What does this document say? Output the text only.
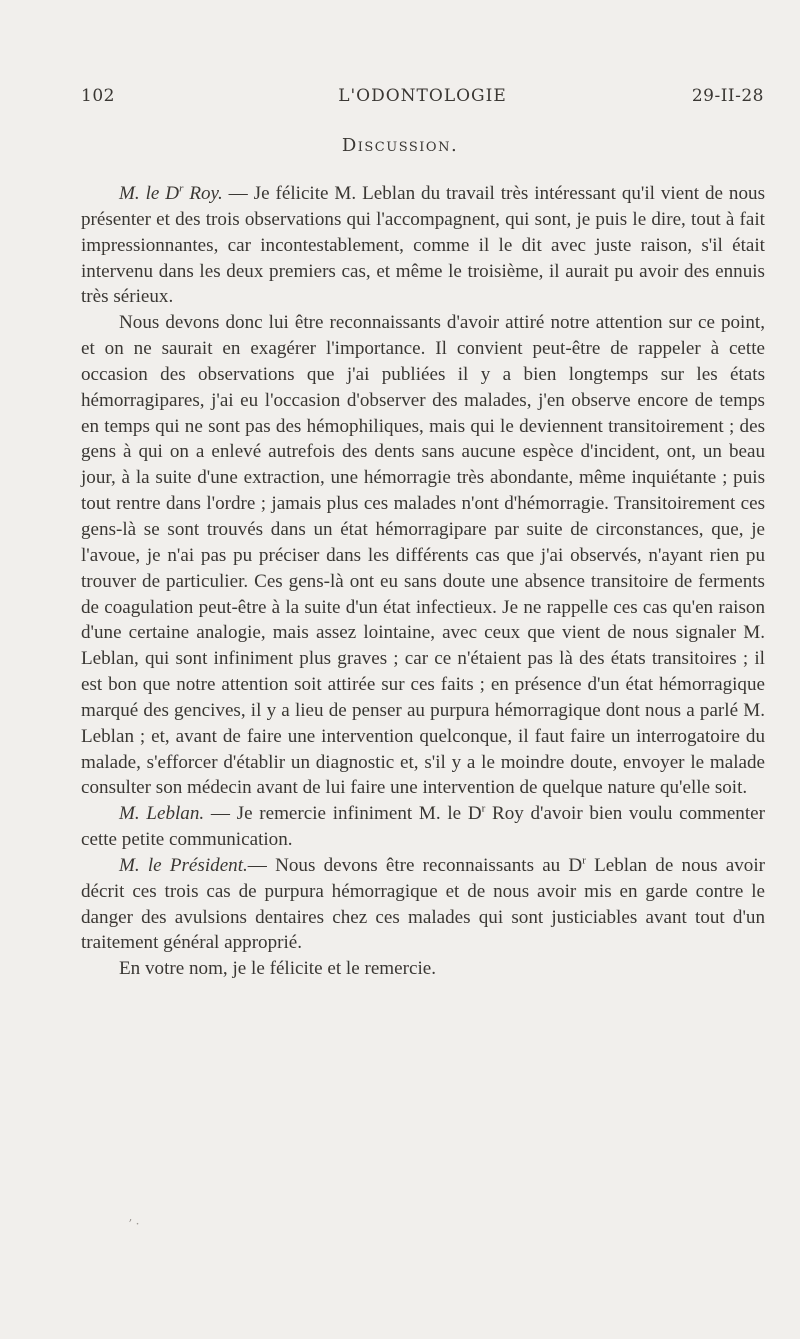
102	L'ODONTOLOGIE	29-II-28
Discussion.

M. le $D^r$ Roy. — Je félicite M. Leblan du travail très intéressant qu'il vient de nous présenter et des trois observations qui l'accompagnent, qui sont, je puis le dire, tout à fait impressionnantes, car incontestablement, comme il le dit avec juste raison, s'il était intervenu dans les deux premiers cas, et même le troisième, il aurait pu avoir des ennuis très sérieux.

Nous devons donc lui être reconnaissants d'avoir attiré notre attention sur ce point, et on ne saurait en exagérer l'importance. Il convient peut-être de rappeler à cette occasion des observations que j'ai publiées il y a bien longtemps sur les états hémorragipares, j'ai eu l'occasion d'observer des malades, j'en observe encore de temps en temps qui ne sont pas des hémophiliques, mais qui le deviennent transitoirement ; des gens à qui on a enlevé autrefois des dents sans aucune espèce d'incident, ont, un beau jour, à la suite d'une extraction, une hémorragie très abondante, même inquiétante ; puis tout rentre dans l'ordre ; jamais plus ces malades n'ont d'hémorragie. Transitoirement ces gens-là se sont trouvés dans un état hémorragipare par suite de circonstances, que, je l'avoue, je n'ai pas pu préciser dans les différents cas que j'ai observés, n'ayant rien pu trouver de particulier. Ces gens-là ont eu sans doute une absence transitoire de ferments de coagulation peut-être à la suite d'un état infectieux. Je ne rappelle ces cas qu'en raison d'une certaine analogie, mais assez lointaine, avec ceux que vient de nous signaler M. Leblan, qui sont infiniment plus graves ; car ce n'étaient pas là des états transitoires ; il est bon que notre attention soit attirée sur ces faits ; en présence d'un état hémorragique marqué des gencives, il y a lieu de penser au purpura hémorragique dont nous a parlé M. Leblan ; et, avant de faire une intervention quelconque, il faut faire un interrogatoire du malade, s'efforcer d'établir un diagnostic et, s'il y a le moindre doute, envoyer le malade consulter son médecin avant de lui faire une intervention de quelque nature qu'elle soit.

M. Leblan. — Je remercie infiniment M. le $D^r$ Roy d'avoir bien voulu commenter cette petite communication.

M. le Président.— Nous devons être reconnaissants au $D^r$ Leblan de nous avoir décrit ces trois cas de purpura hémorragique et de nous avoir mis en garde contre le danger des avulsions dentaires chez ces malades qui sont justiciables avant tout d'un traitement général approprié.

En votre nom, je le félicite et le remercie.

ʼ ·
